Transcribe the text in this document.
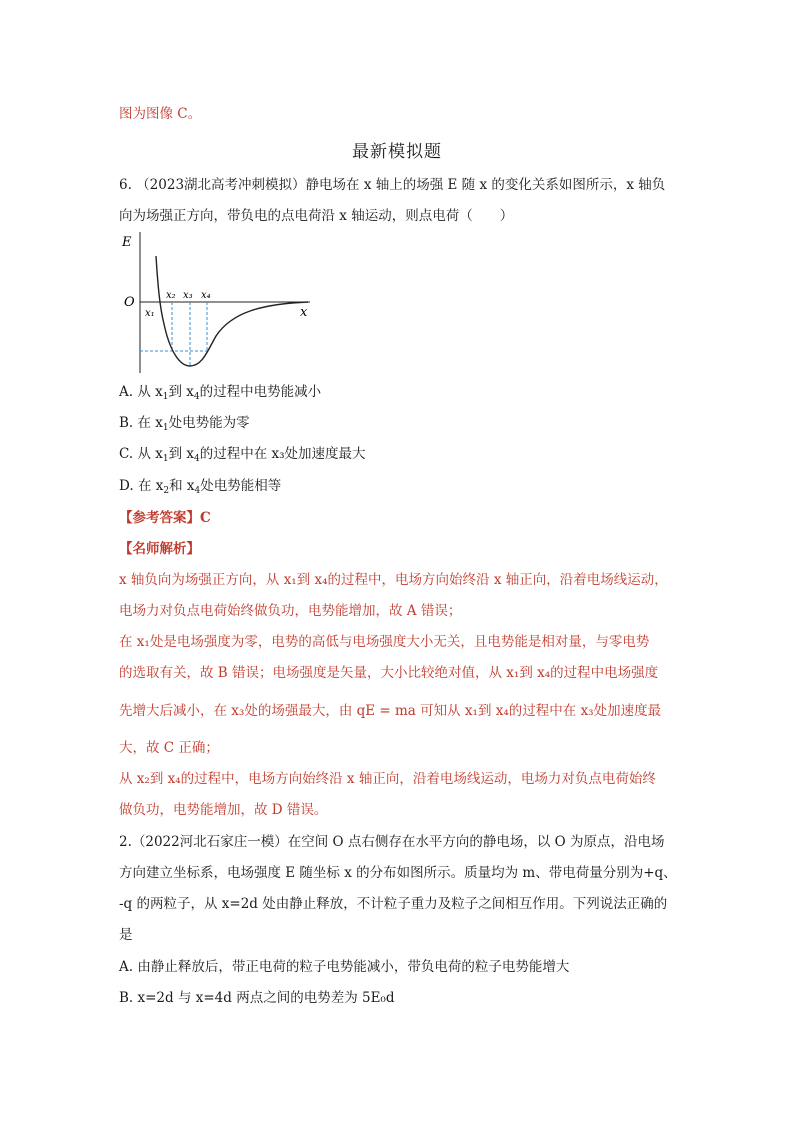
图为图像 C。
最新模拟题
6. （2023湖北高考冲刺模拟）静电场在 x 轴上的场强 E 随 x 的变化关系如图所示，x 轴负
向为场强正方向，带负电的点电荷沿 x 轴运动，则点电荷（　　）
E
O
x
x₁
x₂ x₃ x₄
A. 从 $x_1$到 $x_4$的过程中电势能减小
B. 在 $x_1$处电势能为零
C. 从 $x_1$到 $x_4$的过程中在 x₃处加速度最大
D. 在 $x_2$和 $x_4$处电势能相等
【参考答案】C
【名师解析】
x 轴负向为场强正方向，从 x₁到 x₄的过程中，电场方向始终沿 x 轴正向，沿着电场线运动，
电场力对负点电荷始终做负功，电势能增加，故 A 错误；
在 x₁处是电场强度为零，电势的高低与电场强度大小无关，且电势能是相对量，与零电势
的选取有关，故 B 错误；电场强度是矢量，大小比较绝对值，从 x₁到 x₄的过程中电场强度
先增大后减小，在 x₃处的场强最大，由 qE = ma 可知从 x₁到 x₄的过程中在 x₃处加速度最
大，故 C 正确；
从 x₂到 x₄的过程中，电场方向始终沿 x 轴正向，沿着电场线运动，电场力对负点电荷始终
做负功，电势能增加，故 D 错误。
2.（2022河北石家庄一模）在空间 O 点右侧存在水平方向的静电场，以 O 为原点，沿电场
方向建立坐标系，电场强度 E 随坐标 x 的分布如图所示。质量均为 m、带电荷量分别为+q、
-q 的两粒子，从 x=2d 处由静止释放，不计粒子重力及粒子之间相互作用。下列说法正确的
是
A. 由静止释放后，带正电荷的粒子电势能减小，带负电荷的粒子电势能增大
B. x=2d 与 x=4d 两点之间的电势差为 5E₀d
